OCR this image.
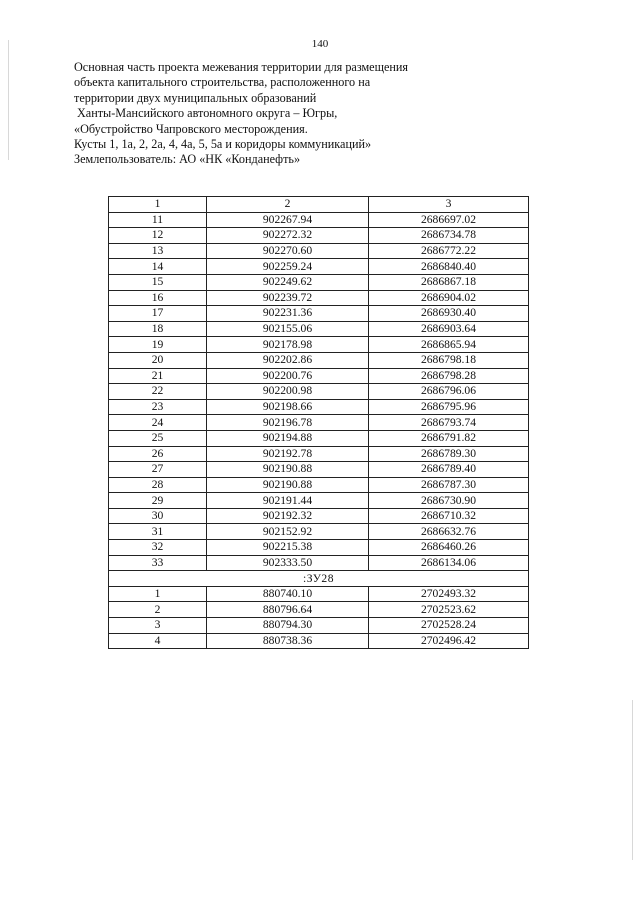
140
Основная часть проекта межевания территории для размещения
объекта капитального строительства, расположенного на
территории двух муниципальных образований
Ханты-Мансийского автономного округа – Югры,
«Обустройство Чапровского месторождения.
Кусты 1, 1а, 2, 2а, 4, 4а, 5, 5а и коридоры коммуникаций»
Землепользователь: АО «НК «Конданефть»
1	2	3
11	902267.94	2686697.02
12	902272.32	2686734.78
13	902270.60	2686772.22
14	902259.24	2686840.40
15	902249.62	2686867.18
16	902239.72	2686904.02
17	902231.36	2686930.40
18	902155.06	2686903.64
19	902178.98	2686865.94
20	902202.86	2686798.18
21	902200.76	2686798.28
22	902200.98	2686796.06
23	902198.66	2686795.96
24	902196.78	2686793.74
25	902194.88	2686791.82
26	902192.78	2686789.30
27	902190.88	2686789.40
28	902190.88	2686787.30
29	902191.44	2686730.90
30	902192.32	2686710.32
31	902152.92	2686632.76
32	902215.38	2686460.26
33	902333.50	2686134.06
:ЗУ28		
1	880740.10	2702493.32
2	880796.64	2702523.62
3	880794.30	2702528.24
4	880738.36	2702496.42
